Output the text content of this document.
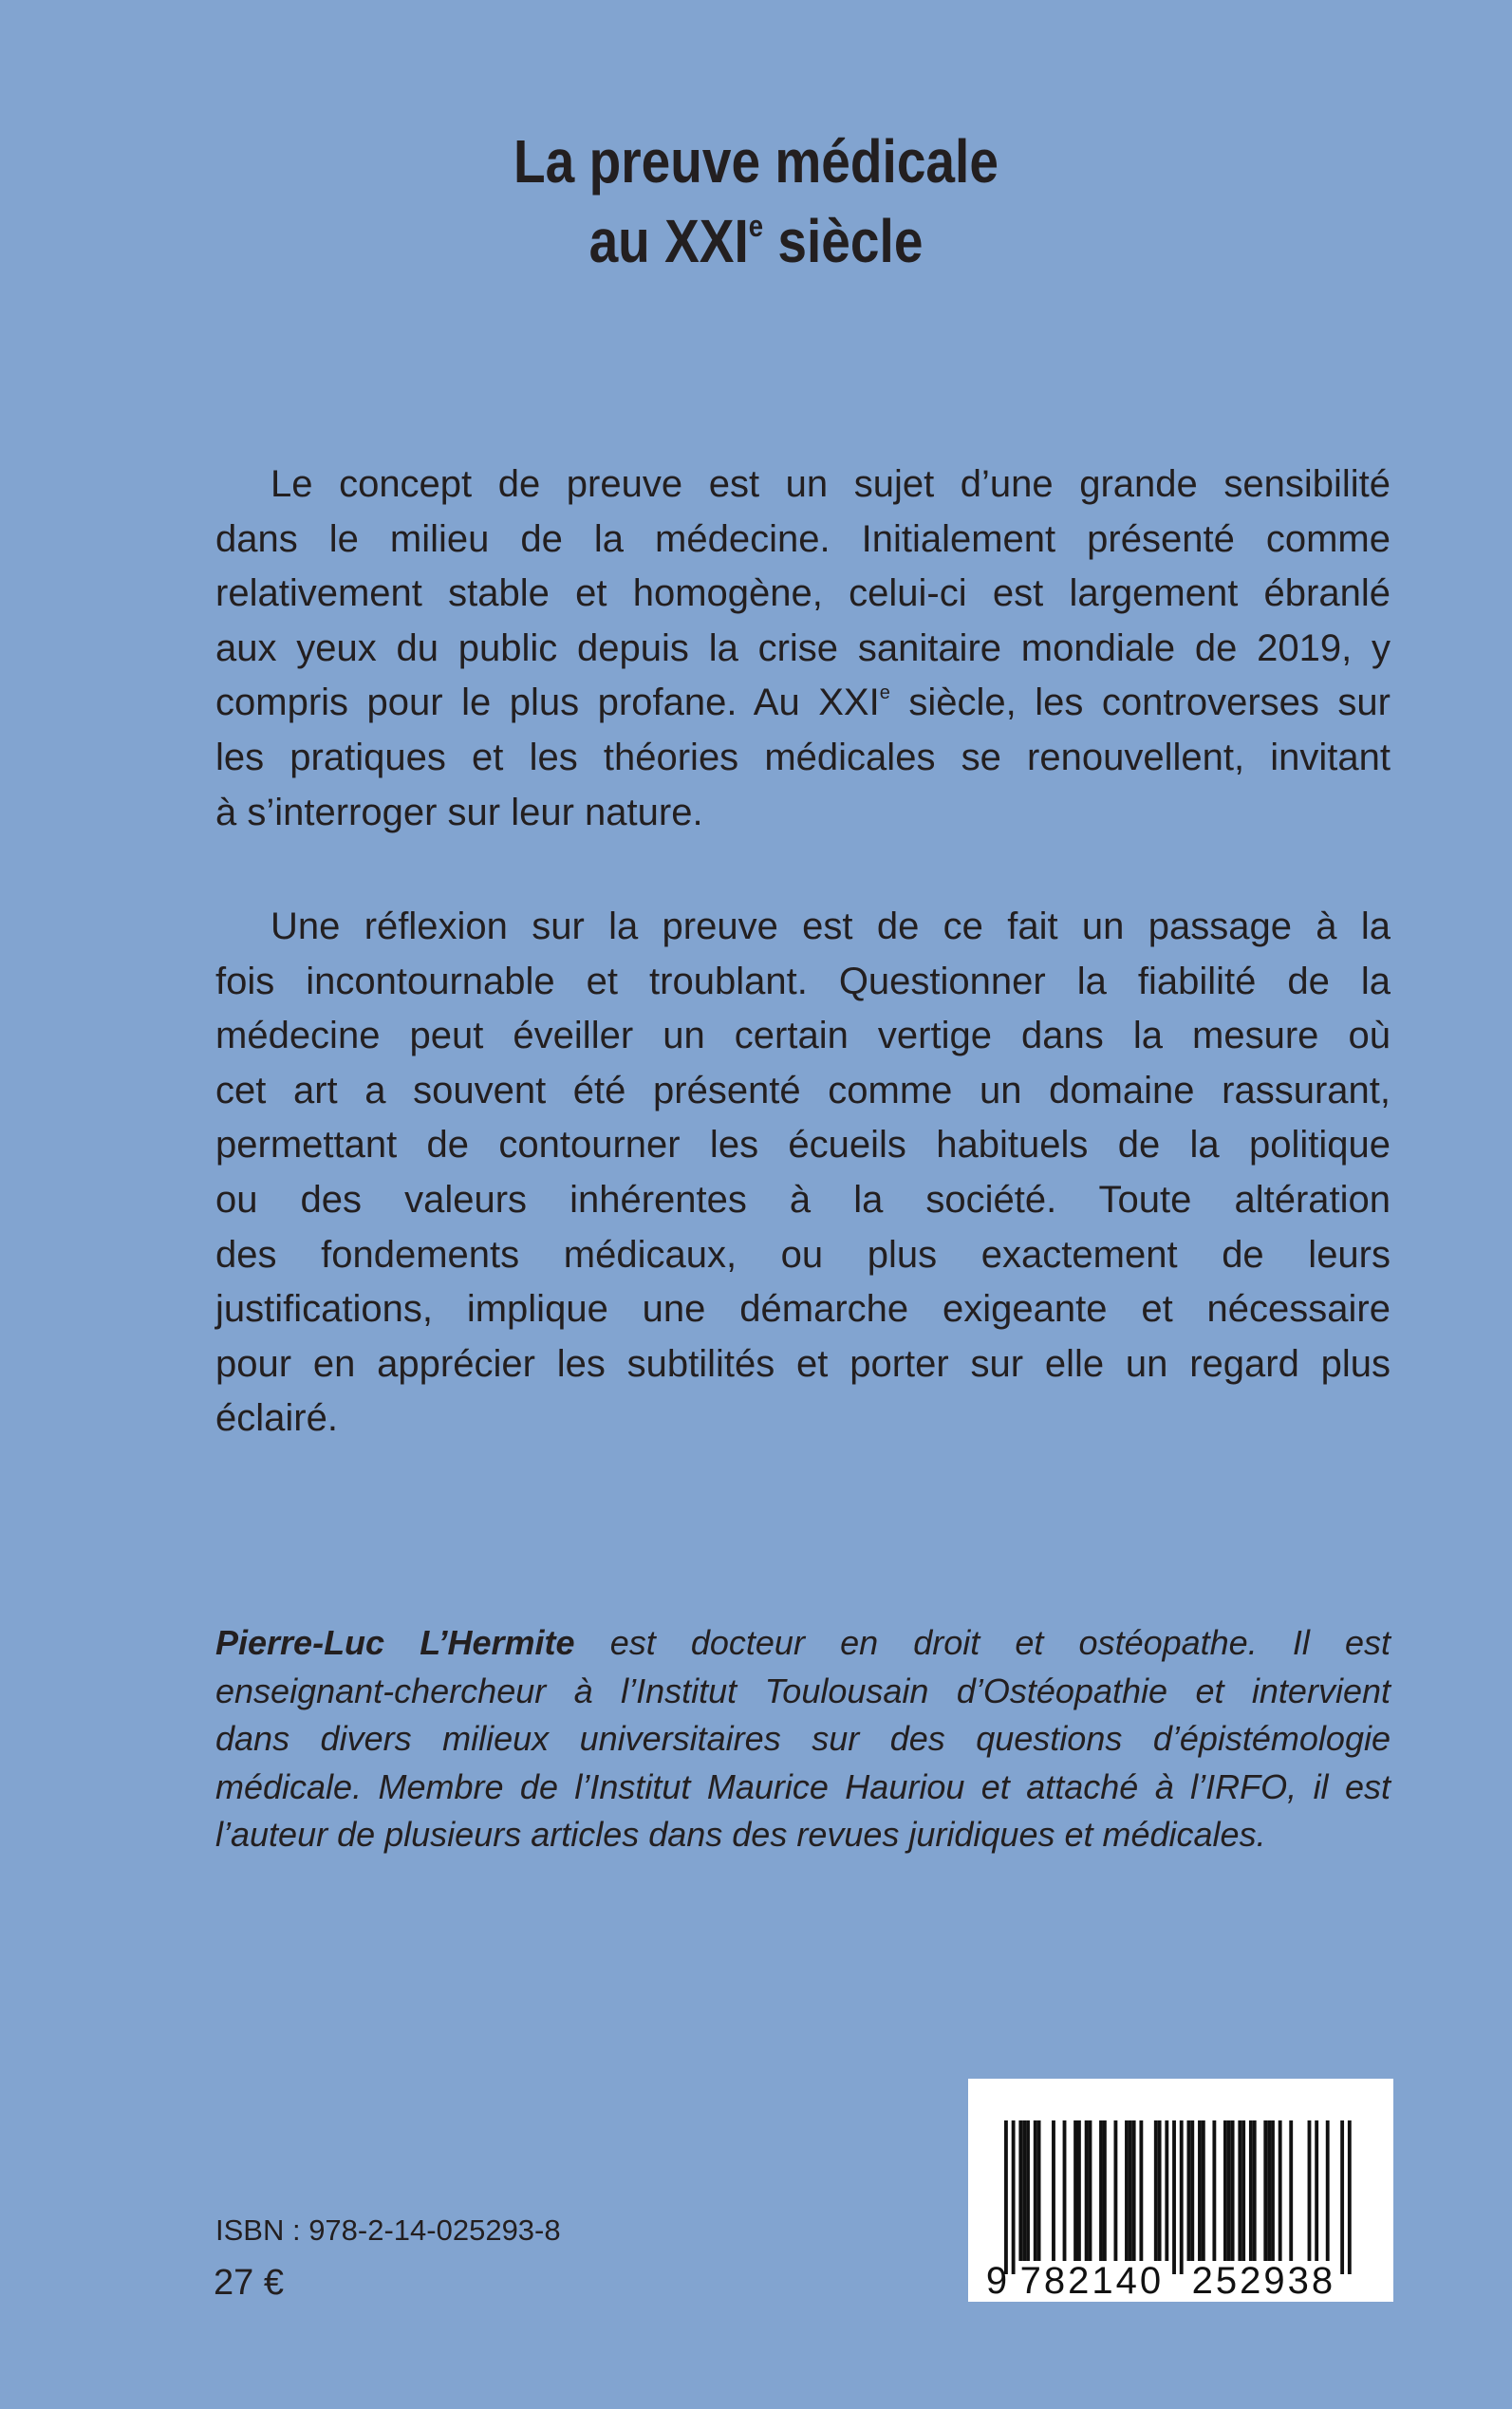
La preuve médicale
au XXIe siècle
Le concept de preuve est un sujet d’une grande sensibilité
dans le milieu de la médecine. Initialement présenté comme
relativement stable et homogène, celui-ci est largement ébranlé
aux yeux du public depuis la crise sanitaire mondiale de 2019, y
compris pour le plus profane. Au XXIe siècle, les controverses sur
les pratiques et les théories médicales se renouvellent, invitant
à s’interroger sur leur nature.
Une réflexion sur la preuve est de ce fait un passage à la
fois incontournable et troublant. Questionner la fiabilité de la
médecine peut éveiller un certain vertige dans la mesure où
cet art a souvent été présenté comme un domaine rassurant,
permettant de contourner les écueils habituels de la politique
ou des valeurs inhérentes à la société. Toute altération
des fondements médicaux, ou plus exactement de leurs
justifications, implique une démarche exigeante et nécessaire
pour en apprécier les subtilités et porter sur elle un regard plus
éclairé.
Pierre-Luc L’Hermite est docteur en droit et ostéopathe. Il est
enseignant-chercheur à l’Institut Toulousain d’Ostéopathie et intervient
dans divers milieux universitaires sur des questions d’épistémologie
médicale. Membre de l’Institut Maurice Hauriou et attaché à l’IRFO, il est
l’auteur de plusieurs articles dans des revues juridiques et médicales.
ISBN : 978-2-14-025293-8
27 €	9 782140 252938
